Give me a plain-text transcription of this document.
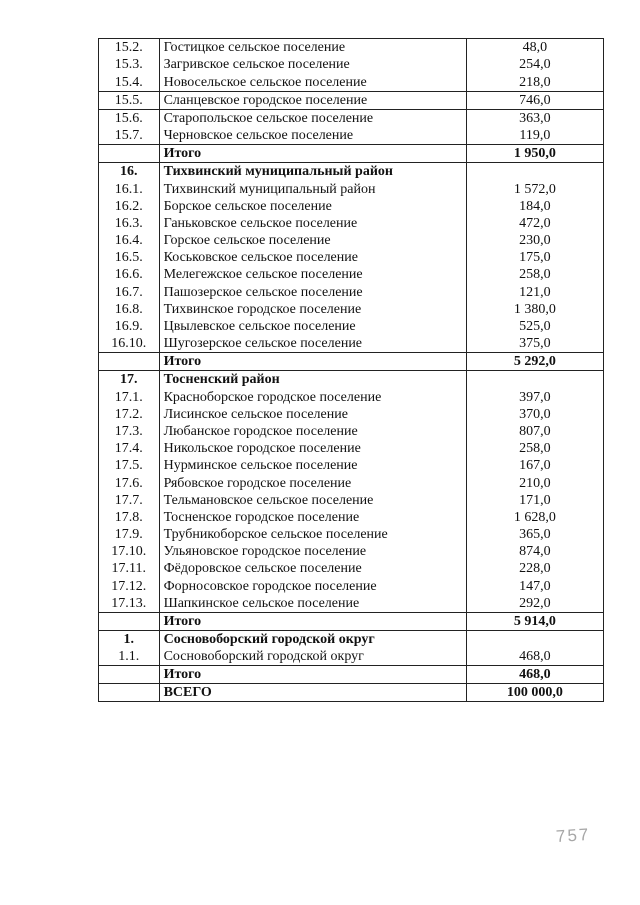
15.2.	Гостицкое сельское поселение	48,0
15.3.	Загривское сельское поселение	254,0
15.4.	Новосельское сельское поселение	218,0
15.5.	Сланцевское городское поселение	746,0
15.6.	Старопольское сельское поселение	363,0
15.7.	Черновское сельское поселение	119,0
	Итого	1 950,0
16.	Тихвинский муниципальный район	
16.1.	Тихвинский муниципальный район	1 572,0
16.2.	Борское сельское поселение	184,0
16.3.	Ганьковское сельское поселение	472,0
16.4.	Горское сельское поселение	230,0
16.5.	Коськовское сельское поселение	175,0
16.6.	Мелегежское сельское поселение	258,0
16.7.	Пашозерское сельское поселение	121,0
16.8.	Тихвинское городское поселение	1 380,0
16.9.	Цвылевское сельское поселение	525,0
16.10.	Шугозерское сельское поселение	375,0
	Итого	5 292,0
17.	Тосненский район	
17.1.	Красноборское городское поселение	397,0
17.2.	Лисинское сельское поселение	370,0
17.3.	Любанское городское поселение	807,0
17.4.	Никольское городское поселение	258,0
17.5.	Нурминское сельское поселение	167,0
17.6.	Рябовское городское поселение	210,0
17.7.	Тельмановское сельское поселение	171,0
17.8.	Тосненское городское поселение	1 628,0
17.9.	Трубникоборское сельское поселение	365,0
17.10.	Ульяновское городское поселение	874,0
17.11.	Фёдоровское сельское поселение	228,0
17.12.	Форносовское городское поселение	147,0
17.13.	Шапкинское сельское поселение	292,0
	Итого	5 914,0
1.	Сосновоборский городской округ	
1.1.	Сосновоборский городской округ	468,0
	Итого	468,0
	ВСЕГО	100 000,0
757
